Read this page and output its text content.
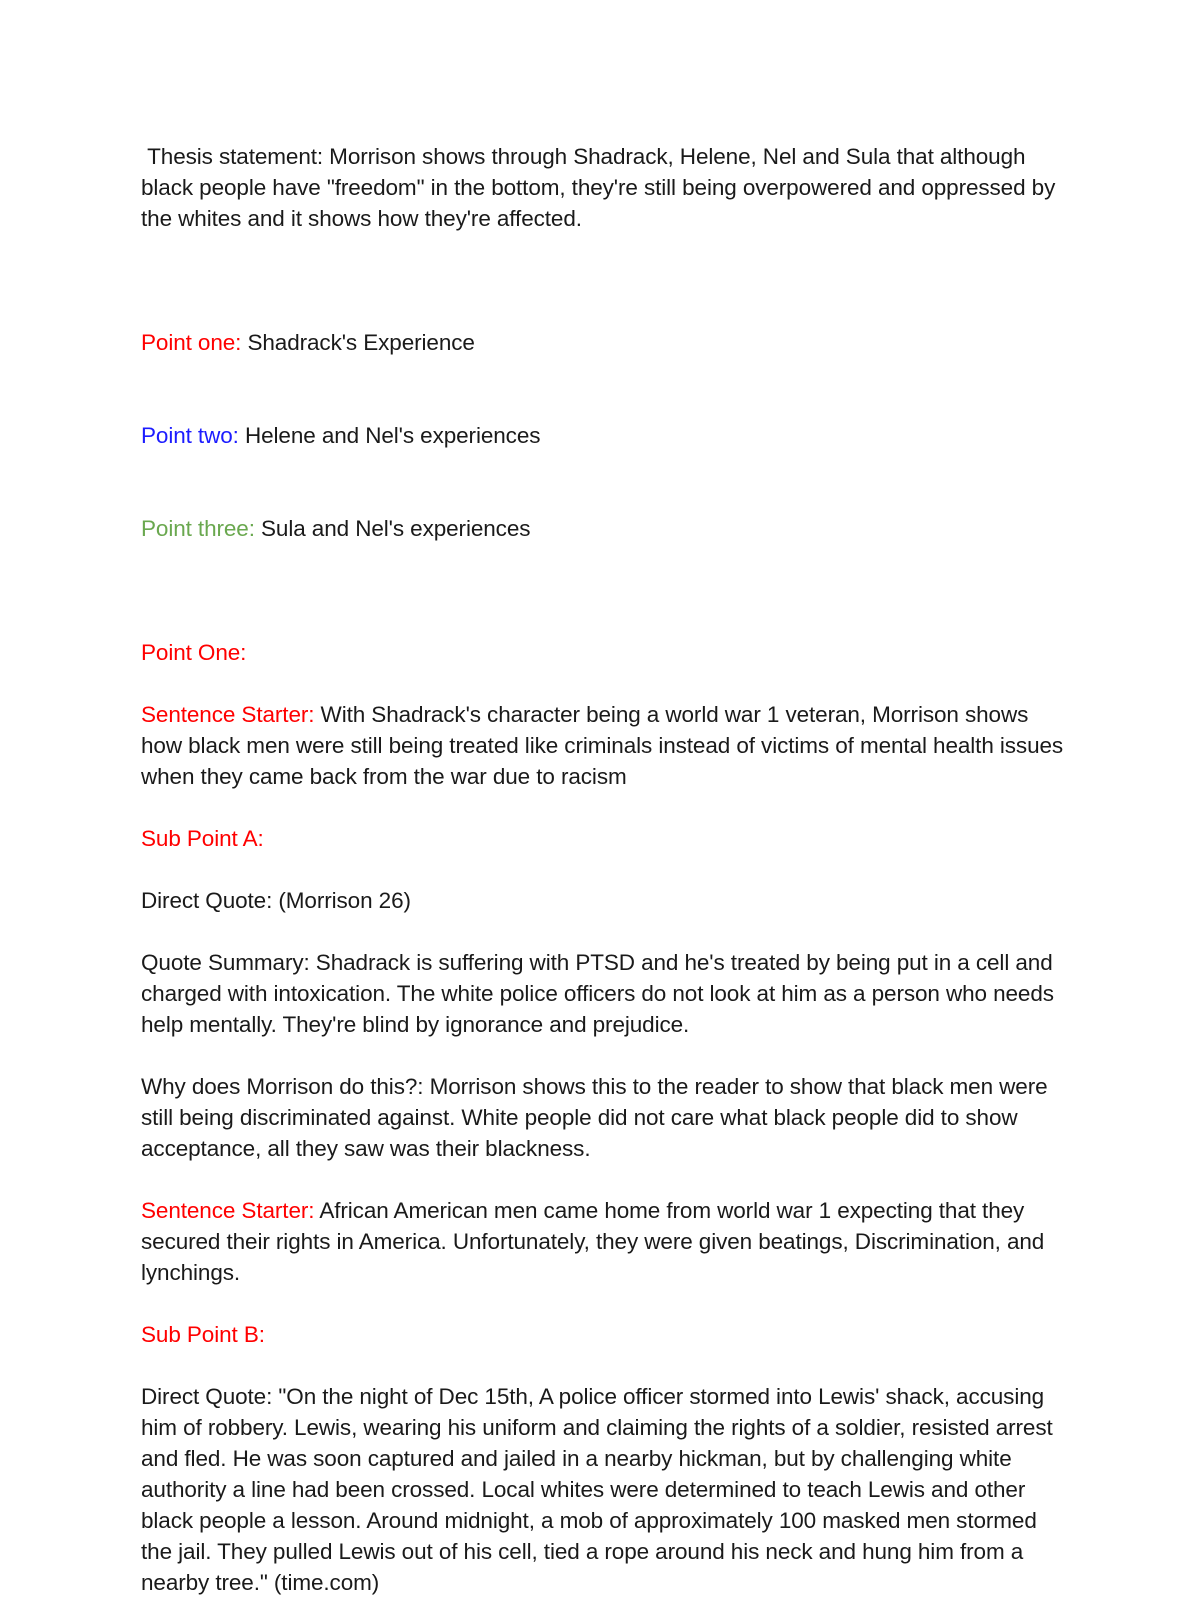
Thesis statement: Morrison shows through Shadrack, Helene, Nel and Sula that although black people have "freedom" in the bottom, they're still being overpowered and oppressed by the whites and it shows how they're affected.

Point one: Shadrack's Experience

Point two: Helene and Nel's experiences

Point three: Sula and Nel's experiences

Point One:

Sentence Starter: With Shadrack's character being a world war 1 veteran, Morrison shows how black men were still being treated like criminals instead of victims of mental health issues when they came back from the war due to racism

Sub Point A:

Direct Quote: (Morrison 26)

Quote Summary: Shadrack is suffering with PTSD and he's treated by being put in a cell and charged with intoxication. The white police officers do not look at him as a person who needs help mentally. They're blind by ignorance and prejudice.

Why does Morrison do this?: Morrison shows this to the reader to show that black men were still being discriminated against. White people did not care what black people did to show acceptance, all they saw was their blackness.

Sentence Starter: African American men came home from world war 1 expecting that they secured their rights in America. Unfortunately, they were given beatings, Discrimination, and lynchings.

Sub Point B:

Direct Quote: "On the night of Dec 15th, A police officer stormed into Lewis' shack, accusing him of robbery. Lewis, wearing his uniform and claiming the rights of a soldier, resisted arrest and fled. He was soon captured and jailed in a nearby hickman, but by challenging white authority a line had been crossed. Local whites were determined to teach Lewis and other black people a lesson. Around midnight, a mob of approximately 100 masked men stormed the jail. They pulled Lewis out of his cell, tied a rope around his neck and hung him from a nearby tree." (time.com)
